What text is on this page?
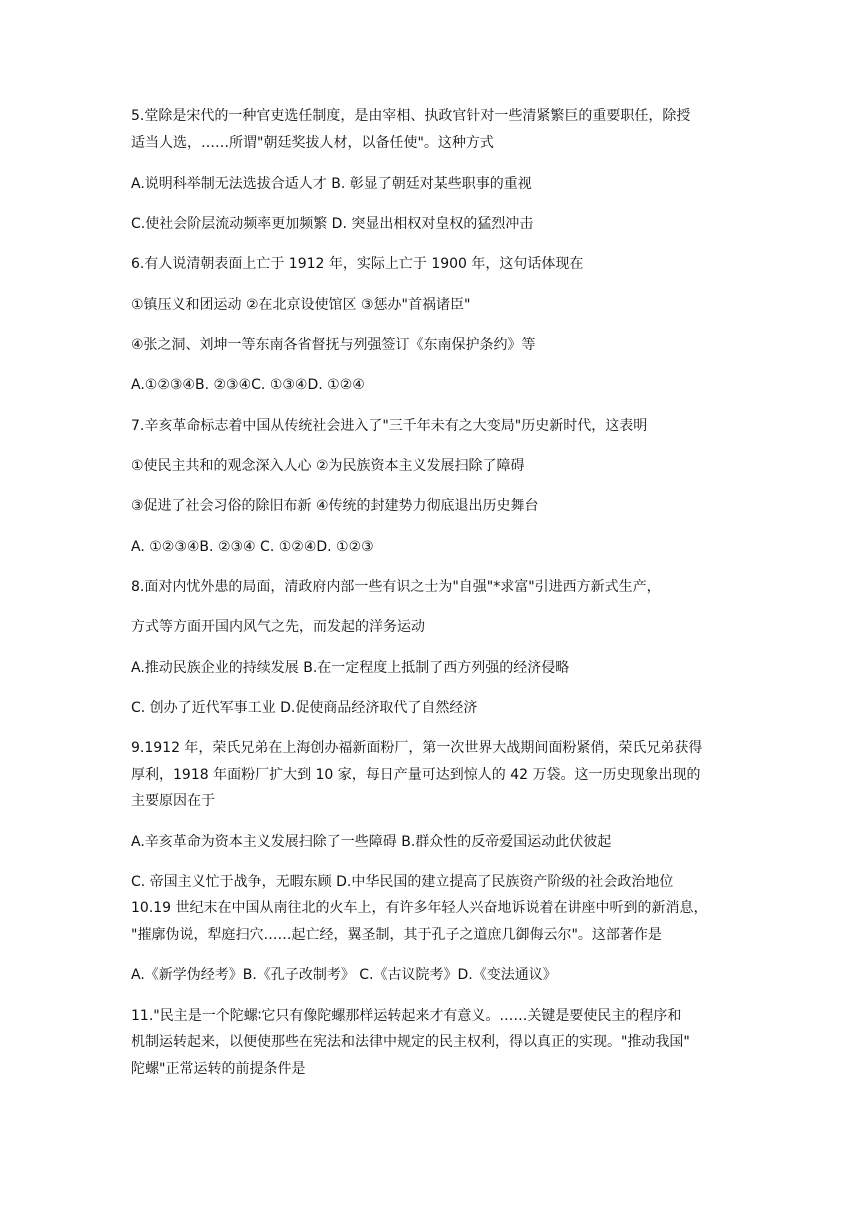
5.堂除是宋代的一种官吏选任制度，是由宰相、执政官针对一些清紧繁巨的重要职任，除授
适当人选，……所谓"朝廷奖拔人材，以备任使"。这种方式
A.说明科举制无法选拔合适人才 B. 彰显了朝廷对某些职事的重视
C.使社会阶层流动频率更加频繁 D. 突显出相权对皇权的猛烈冲击
6.有人说清朝表面上亡于 1912 年，实际上亡于 1900 年，这句话体现在
①镇压义和团运动 ②在北京设使馆区 ③惩办"首祸诸臣"
④张之洞、刘坤一等东南各省督抚与列强签订《东南保护条约》等
A.①②③④B. ②③④C. ①③④D. ①②④
7.辛亥革命标志着中国从传统社会进入了"三千年未有之大变局"历史新时代，这表明
①使民主共和的观念深入人心 ②为民族资本主义发展扫除了障碍
③促进了社会习俗的除旧布新 ④传统的封建势力彻底退出历史舞台
A. ①②③④B. ②③④ C. ①②④D. ①②③
8.面对内忧外患的局面，清政府内部一些有识之士为"自强"*求富"引进西方新式生产，
方式等方面开国内风气之先，而发起的洋务运动
A.推动民族企业的持续发展 B.在一定程度上抵制了西方列强的经济侵略
C. 创办了近代军事工业 D.促使商品经济取代了自然经济
9.1912 年，荣氏兄弟在上海创办福新面粉厂，第一次世界大战期间面粉紧俏，荣氏兄弟获得
厚利，1918 年面粉厂扩大到 10 家，每日产量可达到惊人的 42 万袋。这一历史现象出现的
主要原因在于
A.辛亥革命为资本主义发展扫除了一些障碍 B.群众性的反帝爱国运动此伏彼起
C. 帝国主义忙于战争，无暇东顾 D.中华民国的建立提高了民族资产阶级的社会政治地位
10.19 世纪末在中国从南往北的火车上，有许多年轻人兴奋地诉说着在讲座中听到的新消息，
"摧廓伪说，犁庭扫穴……起亡经，翼圣制，其于孔子之道庶几御侮云尔"。这部著作是
A.《新学伪经考》B.《孔子改制考》 C.《古议院考》D.《变法通议》
11."民主是一个陀螺∶它只有像陀螺那样运转起来才有意义。……关键是要使民主的程序和
机制运转起来，以便使那些在宪法和法律中规定的民主权利，得以真正的实现。"推动我国"
陀螺"正常运转的前提条件是
